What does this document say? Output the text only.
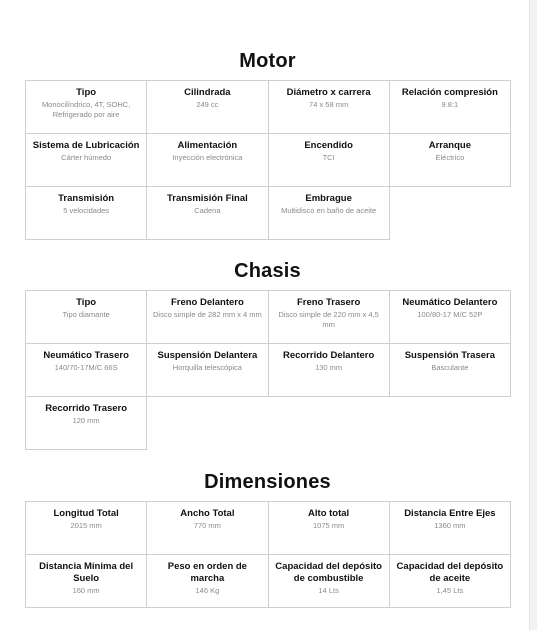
Motor
Tipo
Monocilíndrico, 4T, SOHC, Refrigerado por aire
Cilindrada
249 cc
Diámetro x carrera
74 x 58 mm
Relación compresión
9.8:1
Sistema de Lubricación
Cárter húmedo
Alimentación
Inyección electrónica
Encendido
TCI
Arranque
Eléctrico
Transmisión
5 velocidades
Transmisión Final
Cadena
Embrague
Multidisco en baño de aceite
Chasis
Tipo
Tipo diamante
Freno Delantero
Disco simple de 282 mm x 4 mm
Freno Trasero
Disco simple de 220 mm x 4,5 mm
Neumático Delantero
100/80-17 M/C 52P
Neumático Trasero
140/70-17M/C 66S
Suspensión Delantera
Horquilla telescópica
Recorrido Delantero
130 mm
Suspensión Trasera
Basculante
Recorrido Trasero
120 mm
Dimensiones
Longitud Total
2015 mm
Ancho Total
770 mm
Alto total
1075 mm
Distancia Entre Ejes
1360 mm
Distancia Mínima del Suelo
160 mm
Peso en orden de marcha
146 Kg
Capacidad del depósito de combustible
14 Lts
Capacidad del depósito de aceite
1,45 Lts
